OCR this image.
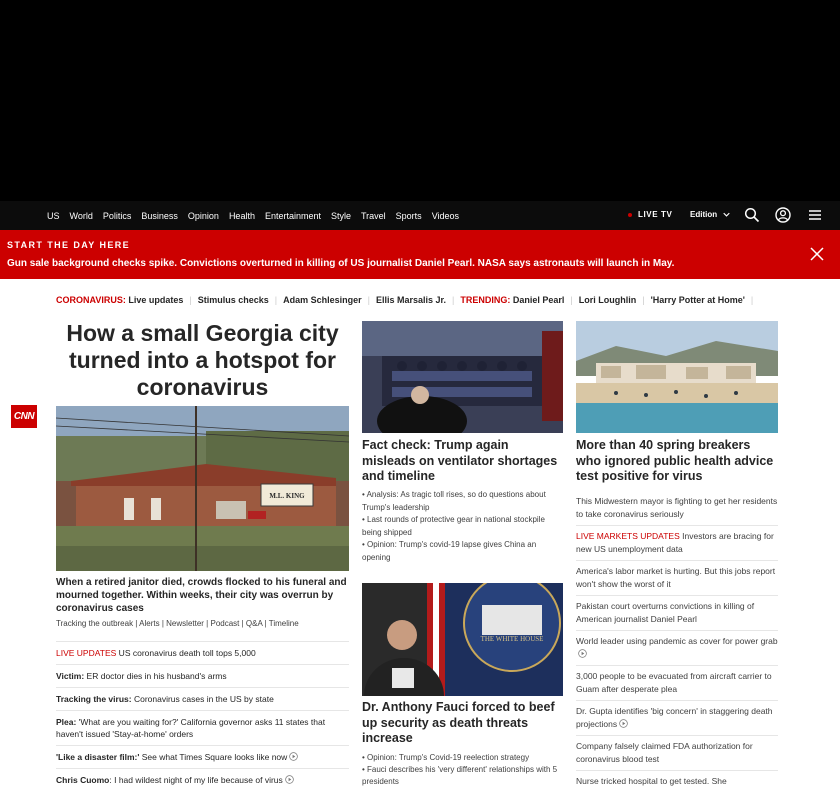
CNN
US World Politics Business Opinion Health Entertainment Style Travel Sports Videos	LIVE TV Edition
START THE DAY HERE
Gun sale background checks spike. Convictions overturned in killing of US journalist Daniel Pearl. NASA says astronauts will launch in May.
CORONAVIRUS:
Live updates | Stimulus checks | Adam Schlesinger | Ellis Marsalis Jr. | TRENDING:
Daniel Pearl | Lori Loughlin | 'Harry Potter at Home' |
How a small Georgia city turned into a hotspot for coronavirus
M.L. KING
When a retired janitor died, crowds flocked to his funeral and mourned together. Within weeks, their city was overrun by coronavirus cases
Tracking the outbreak | Alerts | Newsletter | Podcast | Q&A | Timeline
LIVE UPDATES US coronavirus death toll tops 5,000
Victim: ER doctor dies in his husband's arms
Tracking the virus: Coronavirus cases in the US by state
Plea: 'What are you waiting for?' California governor asks 11 states that haven't issued 'Stay-at-home' orders
'Like a disaster film:' See what Times Square looks like now
Chris Cuomo: I had wildest night of my life because of virus
Fact check: Trump again misleads on ventilator shortages and timeline
• Analysis: As tragic toll rises, so do questions about Trump's leadership
• Last rounds of protective gear in national stockpile being shipped
• Opinion: Trump's covid-19 lapse gives China an opening
THE WHITE HOUSE
Dr. Anthony Fauci forced to beef up security as death threats increase
• Opinion: Trump's Covid-19 reelection strategy
• Fauci describes his 'very different' relationships with 5 presidents
More than 40 spring breakers who ignored public health advice test positive for virus
This Midwestern mayor is fighting to get her residents to take coronavirus seriously
LIVE MARKETS UPDATES Investors are bracing for new US unemployment data
America's labor market is hurting. But this jobs report won't show the worst of it
Pakistan court overturns convictions in killing of American journalist Daniel Pearl
World leader using pandemic as cover for power grab
3,000 people to be evacuated from aircraft carrier to Guam after desperate plea
Dr. Gupta identifies 'big concern' in staggering death projections
Company falsely claimed FDA authorization for coronavirus blood test
Nurse tricked hospital to get tested. She
